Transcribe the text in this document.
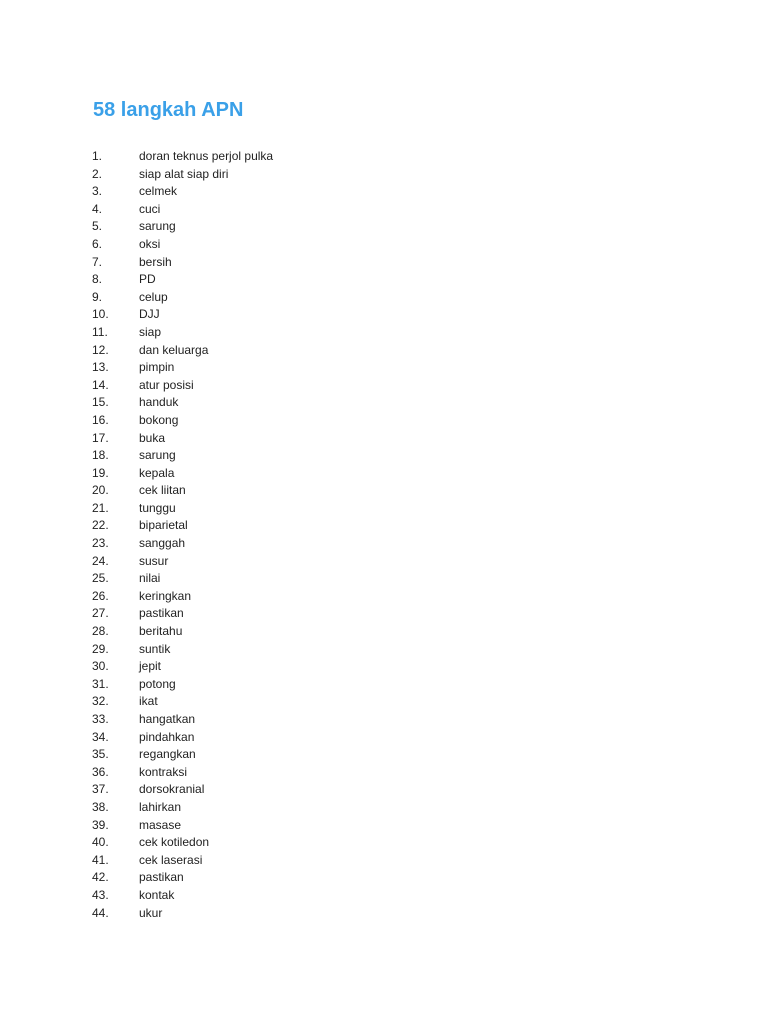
58 langkah APN
1.	doran teknus perjol pulka
2.	siap alat siap diri
3.	celmek
4.	cuci
5.	sarung
6.	oksi
7.	bersih
8.	PD
9.	celup
10.	DJJ
11.	siap
12.	dan keluarga
13.	pimpin
14.	atur posisi
15.	handuk
16.	bokong
17.	buka
18.	sarung
19.	kepala
20.	cek liitan
21.	tunggu
22.	biparietal
23.	sanggah
24.	susur
25.	nilai
26.	keringkan
27.	pastikan
28.	beritahu
29.	suntik
30.	jepit
31.	potong
32.	ikat
33.	hangatkan
34.	pindahkan
35.	regangkan
36.	kontraksi
37.	dorsokranial
38.	lahirkan
39.	masase
40.	cek kotiledon
41.	cek laserasi
42.	pastikan
43.	kontak
44.	ukur
